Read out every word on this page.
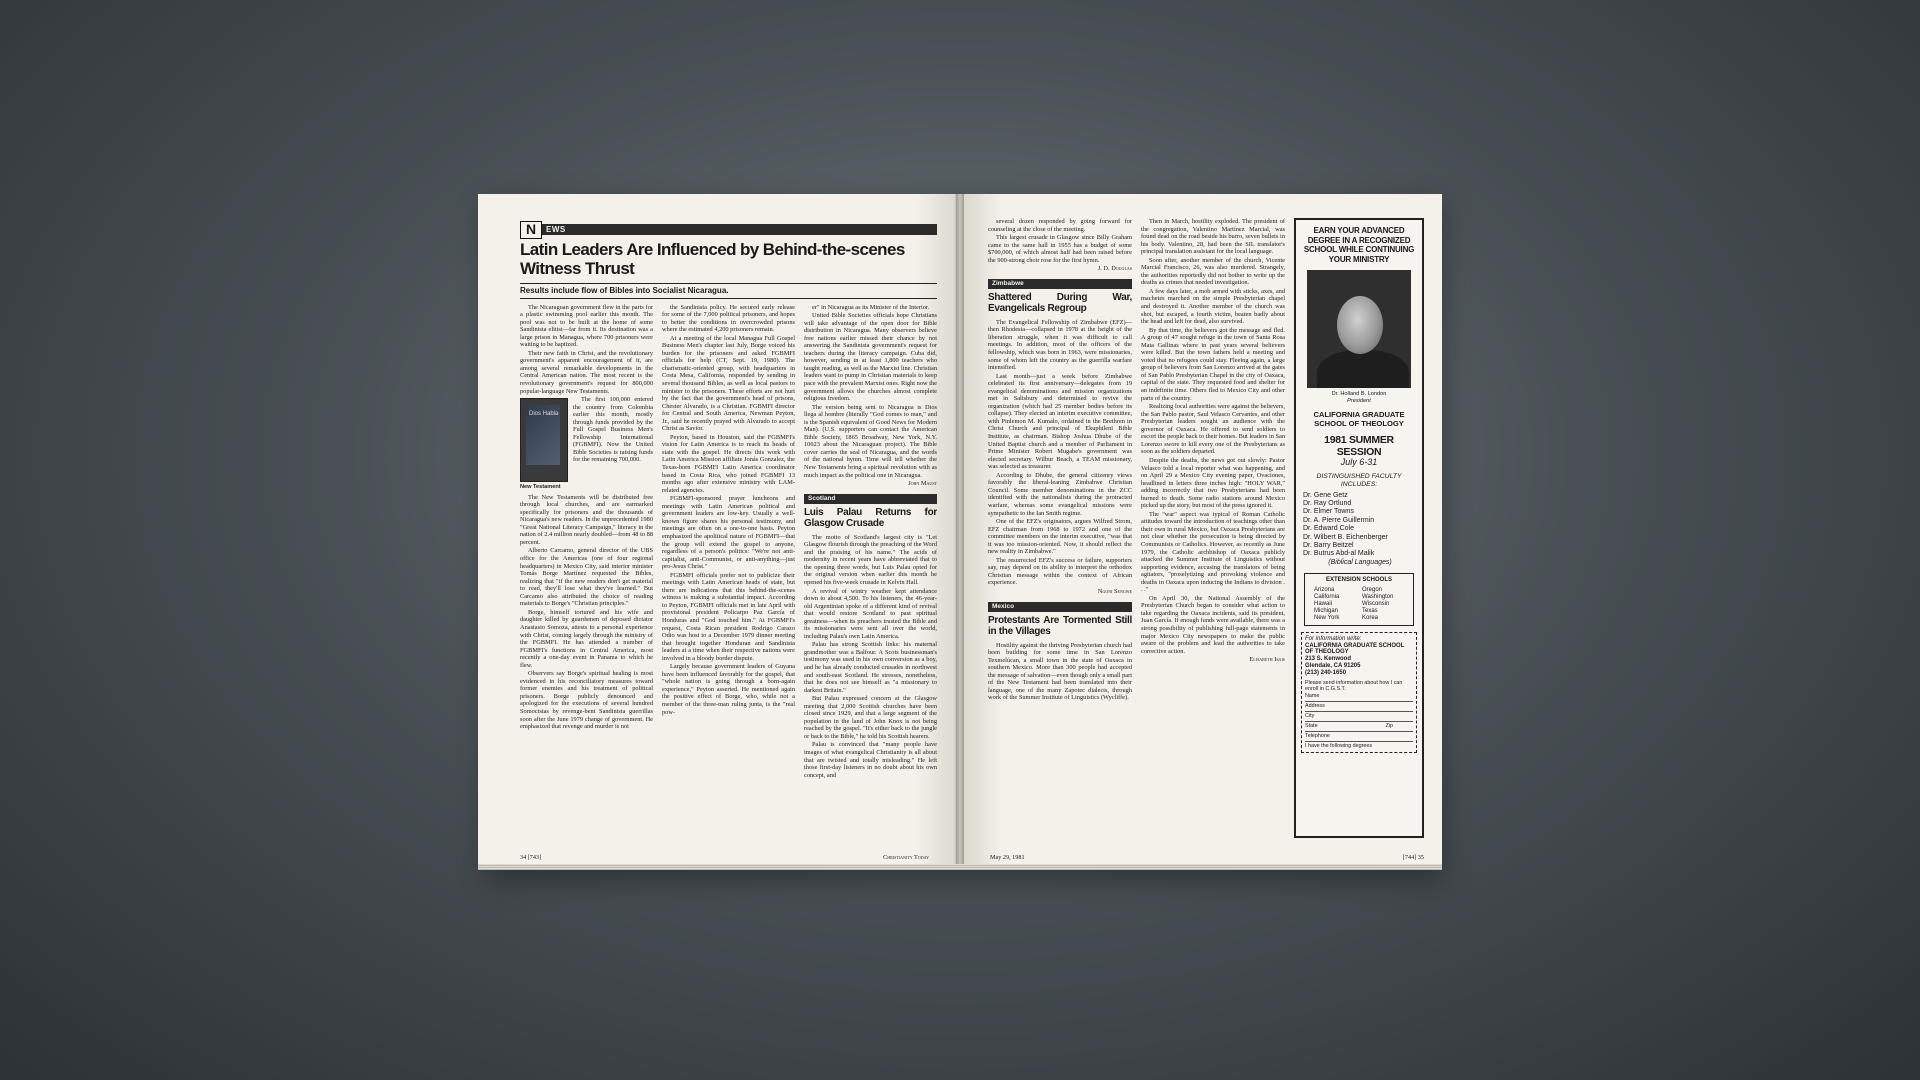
N	EWS
Latin Leaders Are Influenced by Behind-the-scenes Witness Thrust
Results include flow of Bibles into Socialist Nicaragua.

The Nicaraguan government flew in the parts for a plastic swimming pool earlier this month. The pool was not to be built at the home of some Sandinista elitist—far from it. Its destination was a large prison in Managua, where 700 prisoners were waiting to be baptized.

Their new faith in Christ, and the revolutionary government's apparent encouragement of it, are among several remarkable developments in the Central American nation. The most recent is the revolutionary government's request for 800,000 popular-language New Testaments.

Dios Habla

The first 100,000 entered the country from Colombia earlier this month, mostly through funds provided by the Full Gospel Business Men's Fellowship International (FGBMFI). Now the United Bible Societies is raising funds for the remaining 700,000.

New Testament

The New Testaments will be distributed free through local churches, and are earmarked specifically for prisoners and the thousands of Nicaragua's new readers. In the unprecedented 1980 "Great National Literacy Campaign," literacy in the nation of 2.4 million nearly doubled—from 48 to 88 percent.

Alberto Carcamo, general director of the UBS office for the Americas (one of four regional headquarters) in Mexico City, said interior minister Tomás Borge Martínez requested the Bibles, realizing that "if the new readers don't get material to read, they'll lose what they've learned." But Carcamo also attributed the choice of reading materials to Borge's "Christian principles."

Borge, himself tortured and his wife and daughter killed by guardsmen of deposed dictator Anastasio Somoza, attests to a personal experience with Christ, coming largely through the ministry of the FGBMFI. He has attended a number of FGBMFI's functions in Central America, most recently a one-day event in Panama to which he flew.

Observers say Borge's spiritual healing is most evidenced in his reconciliatory measures toward former enemies and his treatment of political prisoners. Borge publicly denounced and apologized for the executions of several hundred Somocistas by revenge-bent Sandinista guerrillas soon after the June 1979 change of government. He emphasized that revenge and murder is not

the Sandinista policy. He secured early release for some of the 7,000 political prisoners, and hopes to better the conditions in overcrowded prisons where the estimated 4,200 prisoners remain.

At a meeting of the local Managua Full Gospel Business Men's chapter last July, Borge voiced his burden for the prisoners and asked FGBMFI officials for help (CT, Sept. 19, 1980). The charismatic-oriented group, with headquarters in Costa Mesa, California, responded by sending in several thousand Bibles, as well as local pastors to minister to the prisoners. These efforts are not hurt by the fact that the government's head of prisons, Chester Alvarado, is a Christian. FGBMFI director for Central and South America, Newman Peyton, Jr., said he recently prayed with Alvarado to accept Christ as Savior.

Peyton, based in Houston, said the FGBMFI's vision for Latin America is to reach its heads of state with the gospel. He directs this work with Latin America Mission affiliate Jonás Gonzalez, the Texas-born FGBMFI Latin America coordinator based in Costa Rica, who joined FGBMFI 13 months ago after extensive ministry with LAM-related agencies.

FGBMFI-sponsored prayer luncheons and meetings with Latin American political and government leaders are low-key. Usually a well-known figure shares his personal testimony, and meetings are often on a one-to-one basis. Peyton emphasized the apolitical nature of FGBMFI—that the group will extend the gospel to anyone, regardless of a person's politics: "We're not anti-capitalist, anti-Communist, or anti-anything—just pro-Jesus Christ."

FGBMFI officials prefer not to publicize their meetings with Latin American heads of state, but there are indications that this behind-the-scenes witness is making a substantial impact. According to Peyton, FGBMFI officials met in late April with provisional president Policarpo Paz García of Honduras and "God touched him." At FGBMFI's request, Costa Rican president Rodrigo Carazo Odio was host to a December 1979 dinner meeting that brought together Honduran and Sandinista leaders at a time when their respective nations were involved in a bloody border dispute.

Largely because government leaders of Guyana have been influenced favorably for the gospel, that "whole nation is going through a born-again experience," Peyton asserted. He mentioned again the positive effect of Borge, who, while not a member of the three-man ruling junta, is the "real pow-

er" in Nicaragua as its Minister of the Interior.

United Bible Societies officials hope Christians will take advantage of the open door for Bible distribution in Nicaragua. Many observers believe free nations earlier missed their chance by not answering the Sandinista government's request for teachers during the literacy campaign. Cuba did, however, sending in at least 1,800 teachers who taught reading, as well as the Marxist line. Christian leaders want to pump in Christian materials to keep pace with the prevalent Marxist ones. Right now the government allows the churches almost complete religious freedom.

The version being sent to Nicaragua is Dios llega al hombre (literally "God comes to man," and is the Spanish equivalent of Good News for Modern Man). (U.S. supporters can contact the American Bible Society, 1865 Broadway, New York, N.Y. 10023 about the Nicaraguan project). The Bible cover carries the seal of Nicaragua, and the words of the national hymn. Time will tell whether the New Testaments bring a spiritual revolution with as much impact as the political one in Nicaragua.

John Maust
Scotland
Luis Palau Returns for Glasgow Crusade

The motto of Scotland's largest city is "Let Glasgow flourish through the preaching of the Word and the praising of his name." The acids of modernity in recent years have abbreviated that to the opening three words, but Luis Palau opted for the original version when earlier this month he opened his five-week crusade in Kelvin Hall.

A revival of wintry weather kept attendance down to about 4,500. To his listeners, the 46-year-old Argentinian spoke of a different kind of revival that would restore Scotland to past spiritual greatness—when its preachers trusted the Bible and its missionaries were sent all over the world, including Palau's own Latin America.

Palau has strong Scottish links: his maternal grandmother was a Balfour. A Scots businessman's testimony was used in his own conversion as a boy, and he has already conducted crusades in northwest and south-east Scotland. He stresses, nonetheless, that he does not see himself as "a missionary to darkest Britain."

But Palau expressed concern at the Glasgow meeting that 2,000 Scottish churches have been closed since 1929, and that a large segment of the population in the land of John Knox is not being reached by the gospel. "It's either back to the jungle or back to the Bible," he told his Scottish hearers.

Palau is convinced that "many people have images of what evangelical Christianity is all about that are twisted and totally misleading." He left those first-day listeners in no doubt about his own concept, and

34 [743]	Christianity Today

several dozen responded by going forward for counseling at the close of the meeting.

This largest crusade in Glasgow since Billy Graham came to the same hall in 1955 has a budget of some $700,000, of which almost half had been raised before the 900-strong choir rose for the first hymn.

J. D. Douglas
Zimbabwe
Shattered During War, Evangelicals Regroup

The Evangelical Fellowship of Zimbabwe (EFZ)—then Rhodesia—collapsed in 1978 at the height of the liberation struggle, when it was difficult to call meetings. In addition, most of the officers of the fellowship, which was born in 1963, were missionaries, some of whom left the country as the guerrilla warfare intensified.

Last month—just a week before Zimbabwe celebrated its first anniversary—delegates from 19 evangelical denominations and mission organizations met in Salisbury and determined to revive the organization (which had 25 member bodies before its collapse). They elected an interim executive committee, with Pinlemon M. Kumalo, ordained in the Brethren in Christ Church and principal of Ekuphileni Bible Institute, as chairman. Bishop Joshua Dhube of the United Baptist church and a member of Parliament in Prime Minister Robert Mugabe's government was elected secretary. Wilbur Beach, a TEAM missionary, was selected as treasurer.

According to Dhube, the general citizenry views favorably the liberal-leaning Zimbabwe Christian Council. Some member denominations in the ZCC identified with the nationalists during the protracted warfare, whereas some evangelical missions were sympathetic to the Ian Smith regime.

One of the EFZ's originators, argues Wilfred Strom, EFZ chairman from 1968 to 1972 and one of the committee members on the interim executive, "was that it was too mission-oriented. Now, it should reflect the new reality in Zimbabwe."

The resurrected EFZ's success or failure, supporters say, may depend on its ability to interpret the orthodox Christian message within the context of African experience.

Ngoni Sengwe
Mexico
Protestants Are Tormented Still in the Villages

Hostility against the thriving Presbyterian church had been building for some time in San Lorenzo Texmelúcan, a small town in the state of Oaxaca in southern Mexico. More than 300 people had accepted the message of salvation—even though only a small part of the New Testament had been translated into their language, one of the many Zapotec dialects, through work of the Summer Institute of Linguistics (Wycliffe).

Then in March, hostility exploded. The president of the congregation, Valentino Martínez Marcial, was found dead on the road beside his burro, seven bullets in his body. Valentino, 28, had been the SIL translator's principal translation assistant for the local language.

Soon after, another member of the church, Vicente Marcial Francisco, 26, was also murdered. Strangely, the authorities reportedly did not bother to write up the deaths as crimes that needed investigation.

A few days later, a mob armed with sticks, axes, and machetes marched on the simple Presbyterian chapel and destroyed it. Another member of the church was shot, but escaped, a fourth victim, beaten badly about the head and left for dead, also survived.

By that time, the believers got the message and fled. A group of 47 sought refuge in the town of Santa Rosa Mata Gallinas where in past years several believers were killed. But the town fathers held a meeting and voted that no refugees could stay. Fleeing again, a large group of believers from San Lorenzo arrived at the gates of San Pablo Presbyterian Chapel in the city of Oaxaca, capital of the state. They requested food and shelter for an indefinite time. Others fled to Mexico City and other parts of the country.

Realizing local authorities were against the believers, the San Pablo pastor, Saul Velasco Cervantes, and other Presbyterian leaders sought an audience with the governor of Oaxaca. He offered to send soldiers to escort the people back to their homes. But leaders in San Lorenzo swore to kill every one of the Presbyterians as soon as the soldiers departed.

Despite the deaths, the news got out slowly: Pastor Velasco told a local reporter what was happening, and on April 29 a Mexico City evening paper, Ovaciones, headlined in letters three inches high: "HOLY WAR," adding incorrectly that two Presbyterians had been burned to death. Some radio stations around Mexico picked up the story, but most of the press ignored it.

The "war" aspect was typical of Roman Catholic attitudes toward the introduction of teachings other than their own in rural Mexico, but Oaxaca Presbyterians are not clear whether the persecution is being directed by Communists or Catholics. However, as recently as June 1979, the Catholic archbishop of Oaxaca publicly attacked the Summer Institute of Linguistics without supporting evidence, accusing the translators of being agitators, "proselytizing and provoking violence and deaths in Oaxaca upon inducing the Indians to division . . ."

On April 30, the National Assembly of the Presbyterian Church began to consider what action to take regarding the Oaxaca incidents, said its president, Juan García. If enough funds were available, there was a strong possibility of publishing full-page statements in major Mexico City newspapers to make the public aware of the problem and lead the authorities to take corrective action.

Elisabeth Isais
EARN YOUR ADVANCED DEGREE IN A RECOGNIZED SCHOOL WHILE CONTINUING YOUR MINISTRY
Dr. Holland B. London
President
CALIFORNIA GRADUATE SCHOOL OF THEOLOGY
1981 SUMMER SESSION
July 6-31
DISTINGUISHED FACULTY INCLUDES:
Dr. Gene Getz
Dr. Ray Ortlund
Dr. Elmer Towns
Dr. A. Pierre Guillermin
Dr. Edward Cole
Dr. Wilbert B. Eichenberger
Dr. Barry Beitzel
Dr. Butrus Abd-al Malik
(Biblical Languages)
EXTENSION SCHOOLS
Arizona	Oregon
California	Washington
Hawaii	Wisconsin
Michigan	Texas
New York	Korea
For information write:
CALIFORNIA GRADUATE SCHOOL OF THEOLOGY
213 S. Kenwood
Glendale, CA 91205
(213) 240-1650
Please send information about how I can enroll in C.G.S.T.
Name
Address
City
State	Zip
Telephone
I have the following degrees
May 29, 1981	[744] 35
